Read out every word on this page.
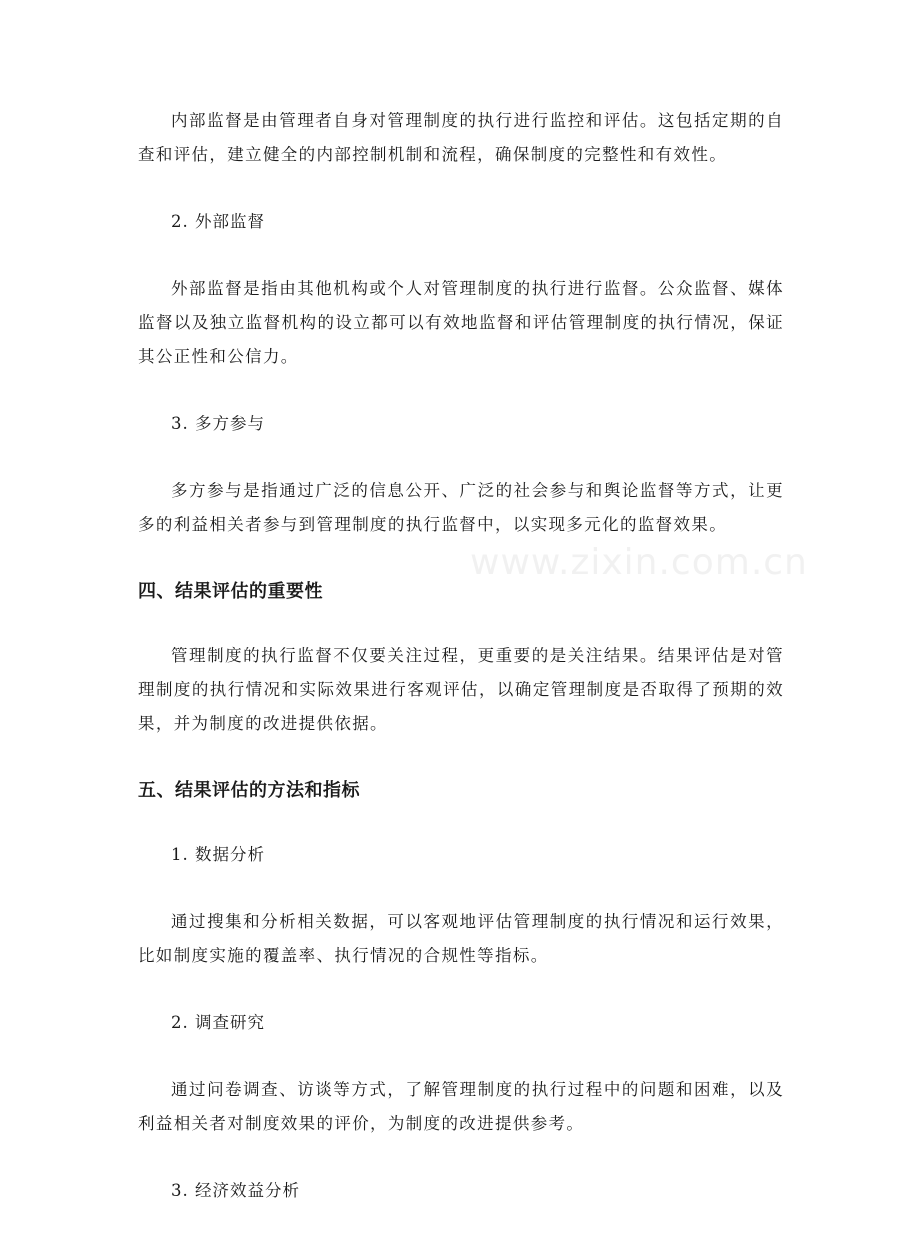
www.zixin.com.cn

内部监督是由管理者自身对管理制度的执行进行监控和评估。这包括定期的自查和评估，建立健全的内部控制机制和流程，确保制度的完整性和有效性。

2. 外部监督

外部监督是指由其他机构或个人对管理制度的执行进行监督。公众监督、媒体监督以及独立监督机构的设立都可以有效地监督和评估管理制度的执行情况，保证其公正性和公信力。

3. 多方参与

多方参与是指通过广泛的信息公开、广泛的社会参与和舆论监督等方式，让更多的利益相关者参与到管理制度的执行监督中，以实现多元化的监督效果。

四、结果评估的重要性

管理制度的执行监督不仅要关注过程，更重要的是关注结果。结果评估是对管理制度的执行情况和实际效果进行客观评估，以确定管理制度是否取得了预期的效果，并为制度的改进提供依据。

五、结果评估的方法和指标

1. 数据分析

通过搜集和分析相关数据，可以客观地评估管理制度的执行情况和运行效果，比如制度实施的覆盖率、执行情况的合规性等指标。

2. 调查研究

通过问卷调查、访谈等方式，了解管理制度的执行过程中的问题和困难，以及利益相关者对制度效果的评价，为制度的改进提供参考。

3. 经济效益分析
